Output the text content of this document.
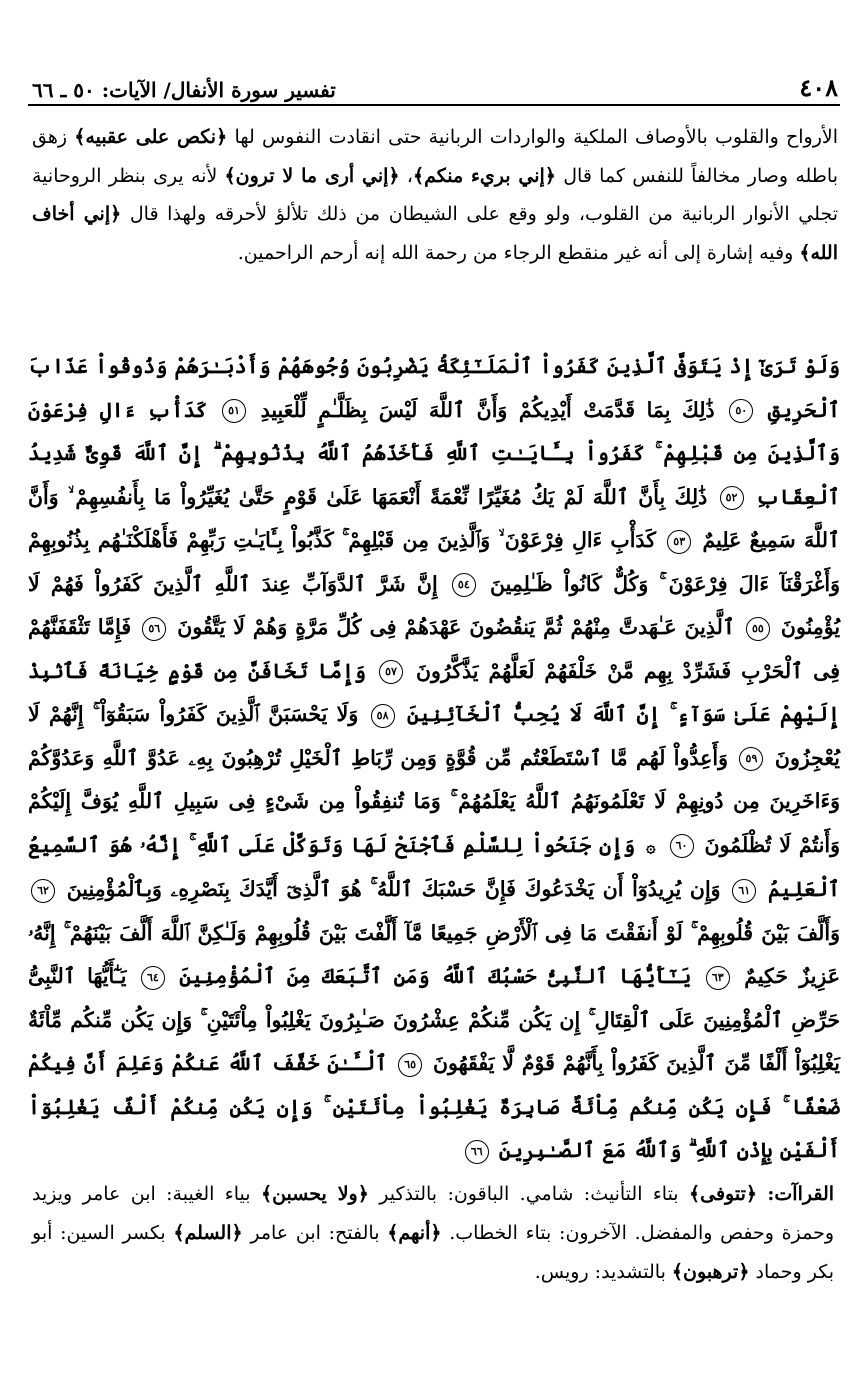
٤٠٨
تفسير سورة الأنفال/ الآيات: ٥٠ ـ ٦٦
الأرواح والقلوب بالأوصاف الملكية والواردات الربانية حتى انقادت النفوس لها ﴿نكص على عقبيه﴾ زهق باطله وصار مخالفاً للنفس كما قال ﴿إني بريء منكم﴾، ﴿إني أرى ما لا ترون﴾ لأنه يرى بنظر الروحانية تجلي الأنوار الربانية من القلوب، ولو وقع على الشيطان من ذلك تلألؤ لأحرقه ولهذا قال ﴿إني أخاف الله﴾ وفيه إشارة إلى أنه غير منقطع الرجاء من رحمة الله إنه أرحم الراحمين.
وَلَوْ تَرَىٰٓ إِذْ يَتَوَفَّى ٱلَّذِينَ كَفَرُواْ ٱلْمَلَـٰٓئِكَةُ يَضْرِبُونَ وُجُوهَهُمْ وَأَدْبَـٰرَهُمْ وَذُوقُواْ عَذَابَ ٱلْحَرِيقِ ٥٠ ذَٰلِكَ بِمَا قَدَّمَتْ أَيْدِيكُمْ وَأَنَّ ٱللَّهَ لَيْسَ بِظَلَّـٰمٍ لِّلْعَبِيدِ ٥١ كَدَأْبِ ءَالِ فِرْعَوْنَ وَٱلَّذِينَ مِن قَبْلِهِمْ ۚ كَفَرُواْ بِـَٔايَـٰتِ ٱللَّهِ فَأَخَذَهُمُ ٱللَّهُ بِذُنُوبِهِمْ ۗ إِنَّ ٱللَّهَ قَوِىٌّ شَدِيدُ ٱلْعِقَابِ ٥٢ ذَٰلِكَ بِأَنَّ ٱللَّهَ لَمْ يَكُ مُغَيِّرًا نِّعْمَةً أَنْعَمَهَا عَلَىٰ قَوْمٍ حَتَّىٰ يُغَيِّرُواْ مَا بِأَنفُسِهِمْ ۙ وَأَنَّ ٱللَّهَ سَمِيعٌ عَلِيمٌ ٥٣ كَدَأْبِ ءَالِ فِرْعَوْنَ ۙ وَٱلَّذِينَ مِن قَبْلِهِمْ ۚ كَذَّبُواْ بِـَٔايَـٰتِ رَبِّهِمْ فَأَهْلَكْنَـٰهُم بِذُنُوبِهِمْ وَأَغْرَقْنَآ ءَالَ فِرْعَوْنَ ۚ وَكُلٌّ كَانُواْ ظَـٰلِمِينَ ٥٤ إِنَّ شَرَّ ٱلدَّوَآبِّ عِندَ ٱللَّهِ ٱلَّذِينَ كَفَرُواْ فَهُمْ لَا يُؤْمِنُونَ ٥٥ ٱلَّذِينَ عَـٰهَدتَّ مِنْهُمْ ثُمَّ يَنقُضُونَ عَهْدَهُمْ فِى كُلِّ مَرَّةٍ وَهُمْ لَا يَتَّقُونَ ٥٦ فَإِمَّا تَثْقَفَنَّهُمْ فِى ٱلْحَرْبِ فَشَرِّدْ بِهِم مَّنْ خَلْفَهُمْ لَعَلَّهُمْ يَذَّكَّرُونَ ٥٧ وَإِمَّا تَخَافَنَّ مِن قَوْمٍ خِيَانَةً فَٱنۢبِذْ إِلَيْهِمْ عَلَىٰ سَوَآءٍ ۚ إِنَّ ٱللَّهَ لَا يُحِبُّ ٱلْخَآئِنِينَ ٥٨ وَلَا يَحْسَبَنَّ ٱلَّذِينَ كَفَرُواْ سَبَقُوٓاْ ۚ إِنَّهُمْ لَا يُعْجِزُونَ ٥٩ وَأَعِدُّواْ لَهُم مَّا ٱسْتَطَعْتُم مِّن قُوَّةٍ وَمِن رِّبَاطِ ٱلْخَيْلِ تُرْهِبُونَ بِهِۦ عَدُوَّ ٱللَّهِ وَعَدُوَّكُمْ وَءَاخَرِينَ مِن دُونِهِمْ لَا تَعْلَمُونَهُمُ ٱللَّهُ يَعْلَمُهُمْ ۚ وَمَا تُنفِقُواْ مِن شَىْءٍ فِى سَبِيلِ ٱللَّهِ يُوَفَّ إِلَيْكُمْ وَأَنتُمْ لَا تُظْلَمُونَ ٦٠ ۞ وَإِن جَنَحُواْ لِلسَّلْمِ فَٱجْنَحْ لَهَا وَتَوَكَّلْ عَلَى ٱللَّهِ ۚ إِنَّهُۥ هُوَ ٱلسَّمِيعُ ٱلْعَلِيمُ ٦١ وَإِن يُرِيدُوٓاْ أَن يَخْدَعُوكَ فَإِنَّ حَسْبَكَ ٱللَّهُ ۚ هُوَ ٱلَّذِىٓ أَيَّدَكَ بِنَصْرِهِۦ وَبِٱلْمُؤْمِنِينَ ٦٢ وَأَلَّفَ بَيْنَ قُلُوبِهِمْ ۚ لَوْ أَنفَقْتَ مَا فِى ٱلْأَرْضِ جَمِيعًا مَّآ أَلَّفْتَ بَيْنَ قُلُوبِهِمْ وَلَـٰكِنَّ ٱللَّهَ أَلَّفَ بَيْنَهُمْ ۚ إِنَّهُۥ عَزِيزٌ حَكِيمٌ ٦٣ يَـٰٓأَيُّهَا ٱلنَّبِىُّ حَسْبُكَ ٱللَّهُ وَمَنِ ٱتَّبَعَكَ مِنَ ٱلْمُؤْمِنِينَ ٦٤ يَـٰٓأَيُّهَا ٱلنَّبِىُّ حَرِّضِ ٱلْمُؤْمِنِينَ عَلَى ٱلْقِتَالِ ۚ إِن يَكُن مِّنكُمْ عِشْرُونَ صَـٰبِرُونَ يَغْلِبُواْ مِاْئَتَيْنِ ۚ وَإِن يَكُن مِّنكُم مِّاْئَةٌ يَغْلِبُوٓاْ أَلْفًا مِّنَ ٱلَّذِينَ كَفَرُواْ بِأَنَّهُمْ قَوْمٌ لَّا يَفْقَهُونَ ٦٥ ٱلْـَٔـٰنَ خَفَّفَ ٱللَّهُ عَنكُمْ وَعَلِمَ أَنَّ فِيكُمْ ضَعْفًا ۚ فَإِن يَكُن مِّنكُم مِّاْئَةٌ صَابِرَةٌ يَغْلِبُواْ مِاْئَتَيْنِ ۚ وَإِن يَكُن مِّنكُمْ أَلْفٌ يَغْلِبُوٓاْ أَلْفَيْنِ بِإِذْنِ ٱللَّهِ ۗ وَٱللَّهُ مَعَ ٱلصَّـٰبِرِينَ ٦٦
القراآت: ﴿تتوفى﴾ بتاء التأنيث: شامي. الباقون: بالتذكير ﴿ولا يحسبن﴾ بياء الغيبة: ابن عامر ويزيد وحمزة وحفص والمفضل. الآخرون: بتاء الخطاب. ﴿أنهم﴾ بالفتح: ابن عامر ﴿السلم﴾ بكسر السين: أبو بكر وحماد ﴿ترهبون﴾ بالتشديد: رويس.
